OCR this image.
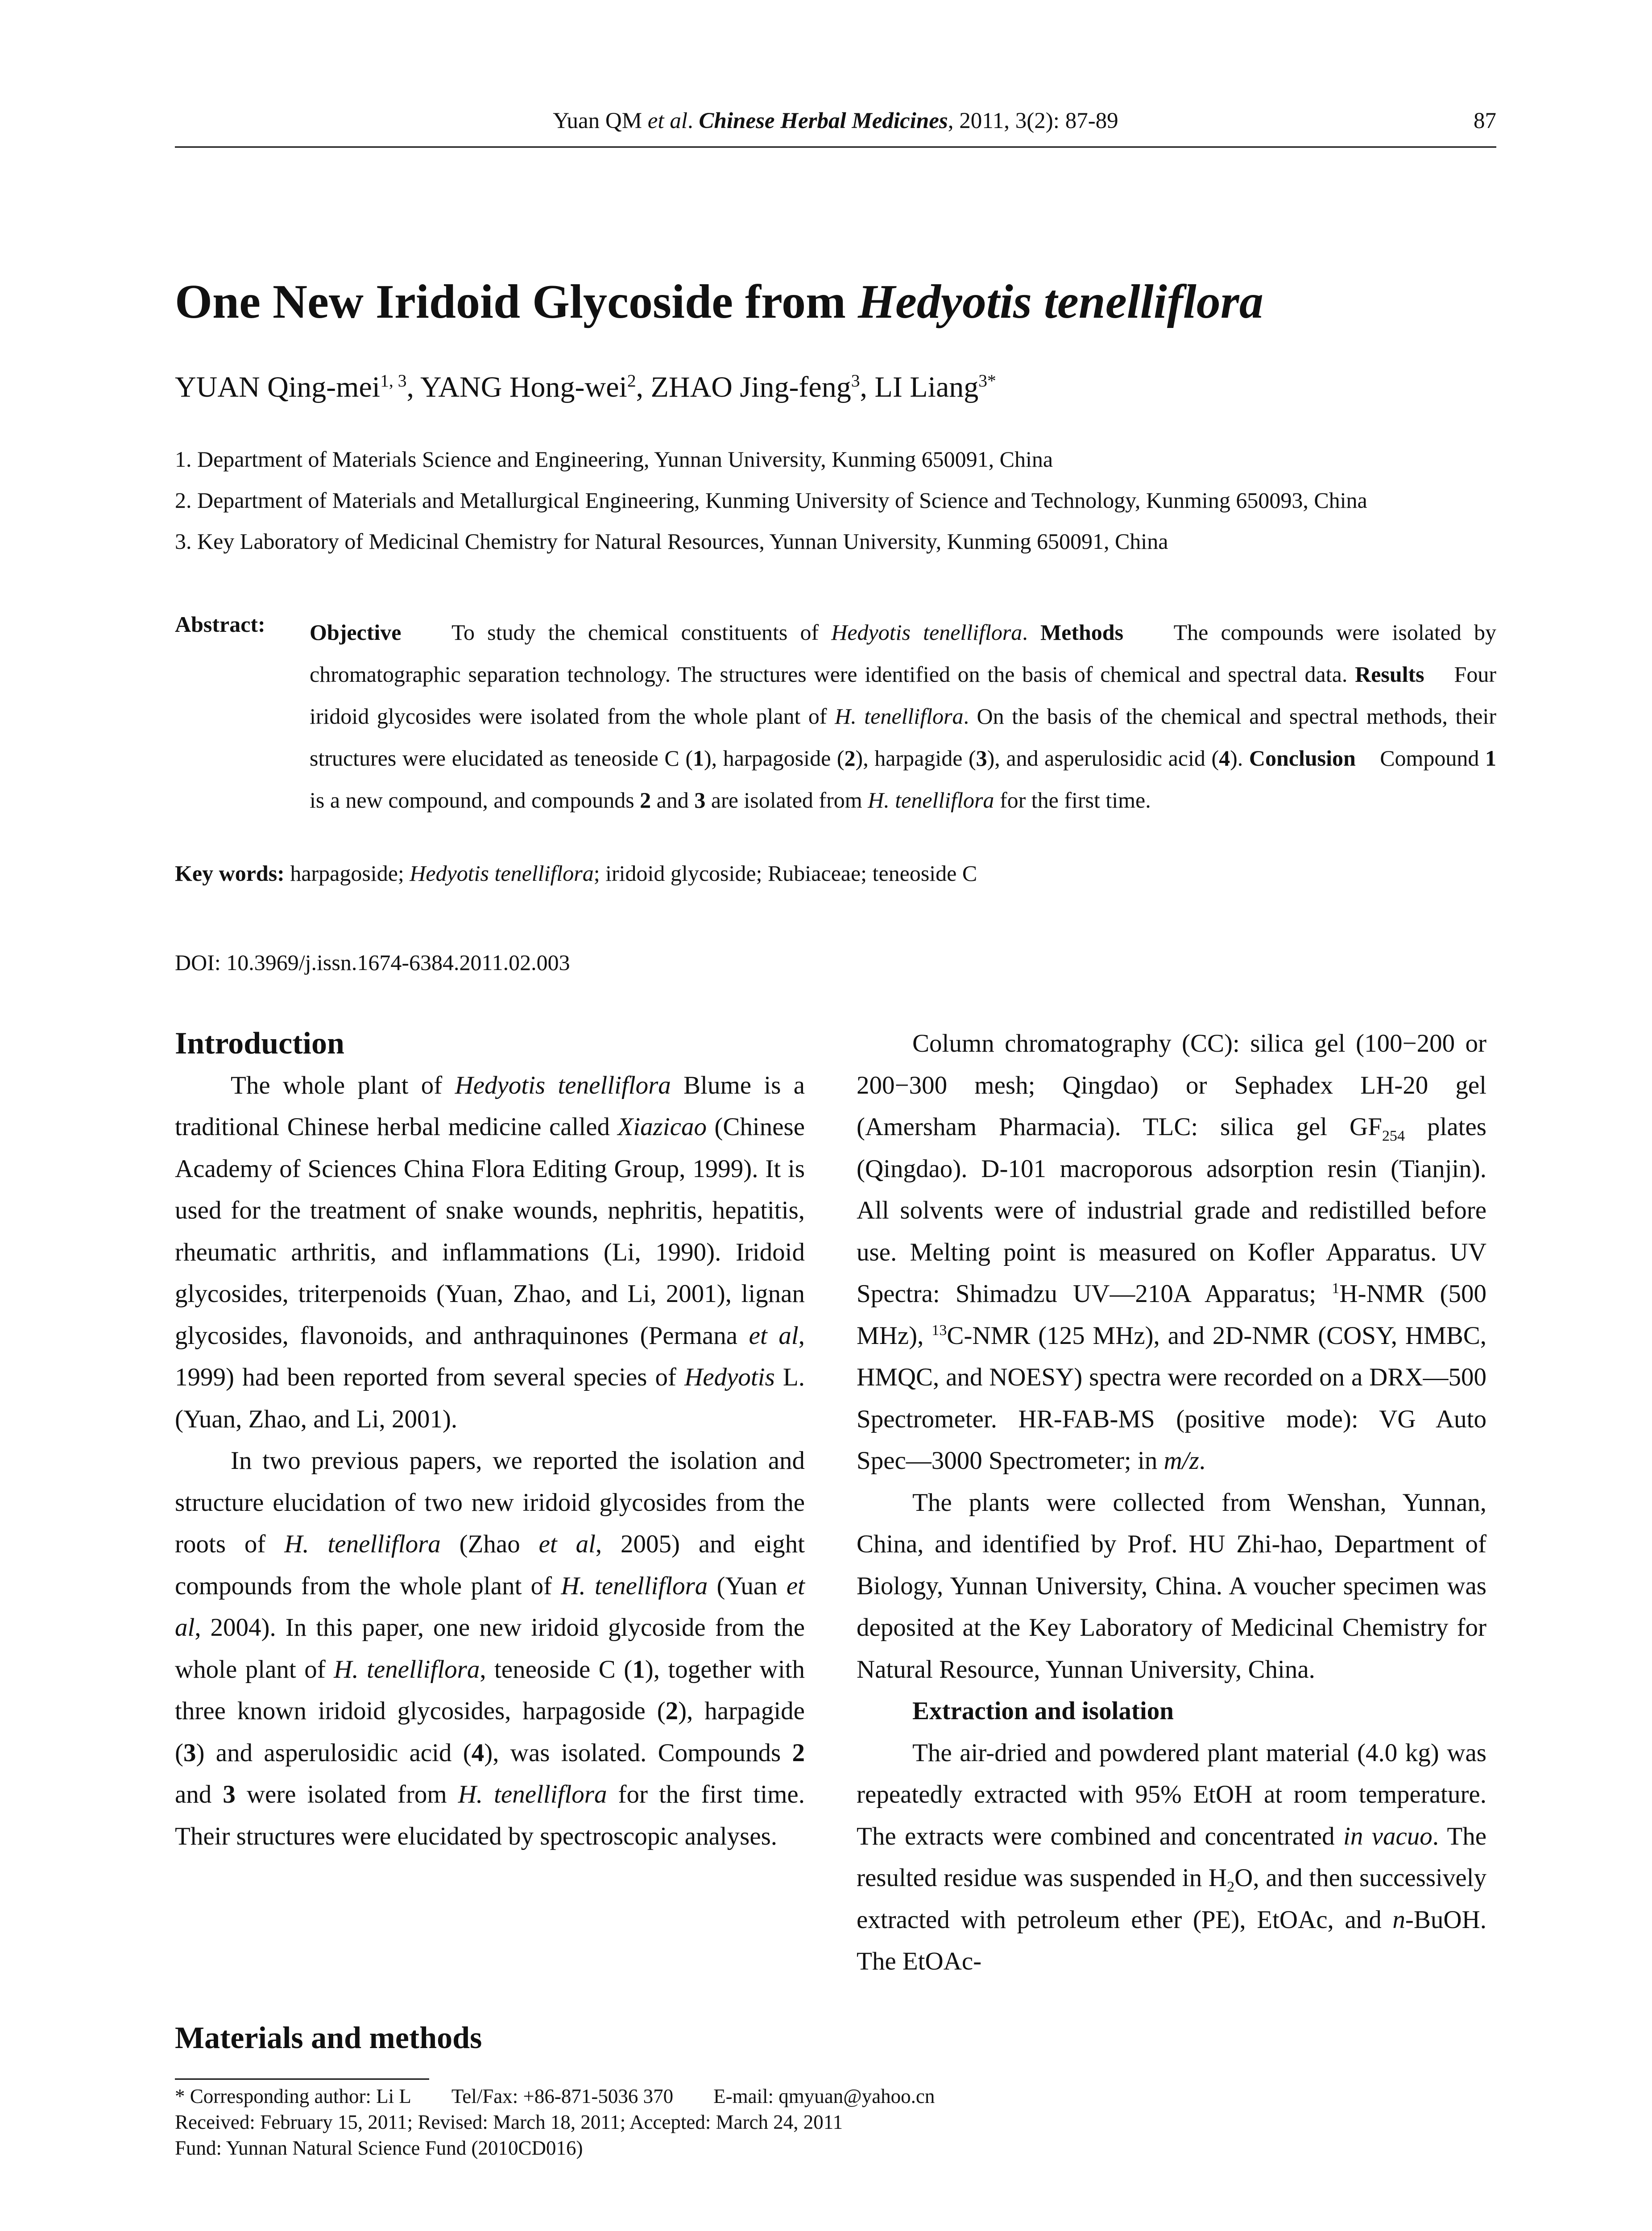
Yuan QM et al. Chinese Herbal Medicines, 2011, 3(2): 87-89	87
One New Iridoid Glycoside from Hedyotis tenelliflora

YUAN Qing-mei$^{1, 3}$, YANG Hong-wei$^2$, ZHAO Jing-feng$^3$, LI Liang$^{3*}$

1. Department of Materials Science and Engineering, Yunnan University, Kunming 650091, China

2. Department of Materials and Metallurgical Engineering, Kunming University of Science and Technology, Kunming 650093, China

3. Key Laboratory of Medicinal Chemistry for Natural Resources, Yunnan University, Kunming 650091, China

Abstract: Objective To study the chemical constituents of Hedyotis tenelliflora. Methods The compounds were isolated by chromatographic separation technology. The structures were identified on the basis of chemical and spectral data. Results Four iridoid glycosides were isolated from the whole plant of H. tenelliflora. On the basis of the chemical and spectral methods, their structures were elucidated as teneoside C (1), harpagoside (2), harpagide (3), and asperulosidic acid (4). Conclusion Compound 1 is a new compound, and compounds 2 and 3 are isolated from H. tenelliflora for the first time.

Key words: harpagoside; Hedyotis tenelliflora; iridoid glycoside; Rubiaceae; teneoside C

DOI: 10.3969/j.issn.1674-6384.2011.02.003

Introduction

The whole plant of Hedyotis tenelliflora Blume is a traditional Chinese herbal medicine called Xiazicao (Chinese Academy of Sciences China Flora Editing Group, 1999). It is used for the treatment of snake wounds, nephritis, hepatitis, rheumatic arthritis, and inflammations (Li, 1990). Iridoid glycosides, triterpenoids (Yuan, Zhao, and Li, 2001), lignan glycosides, flavonoids, and anthraquinones (Permana et al, 1999) had been reported from several species of Hedyotis L. (Yuan, Zhao, and Li, 2001).

In two previous papers, we reported the isolation and structure elucidation of two new iridoid glycosides from the roots of H. tenelliflora (Zhao et al, 2005) and eight compounds from the whole plant of H. tenelliflora (Yuan et al, 2004). In this paper, one new iridoid glycoside from the whole plant of H. tenelliflora, teneoside C (1), together with three known iridoid glycosides, harpagoside (2), harpagide (3) and asperulosidic acid (4), was isolated. Compounds 2 and 3 were isolated from H. tenelliflora for the first time. Their structures were elucidated by spectroscopic analyses.

Materials and methods

Column chromatography (CC): silica gel (100−200 or 200−300 mesh; Qingdao) or Sephadex LH-20 gel (Amersham Pharmacia). TLC: silica gel $GF_{254}$ plates (Qingdao). D-101 macroporous adsorption resin (Tianjin). All solvents were of industrial grade and redistilled before use. Melting point is measured on Kofler Apparatus. UV Spectra: Shimadzu UV―210A Apparatus; $^1$H-NMR (500 MHz), $^{13}$C-NMR (125 MHz), and 2D-NMR (COSY, HMBC, HMQC, and NOESY) spectra were recorded on a DRX―500 Spectrometer. HR-FAB-MS (positive mode): VG Auto Spec―3000 Spectrometer; in m/z.

The plants were collected from Wenshan, Yunnan, China, and identified by Prof. HU Zhi-hao, Department of Biology, Yunnan University, China. A voucher specimen was deposited at the Key Laboratory of Medicinal Chemistry for Natural Resource, Yunnan University, China.

Extraction and isolation

The air-dried and powdered plant material (4.0 kg) was repeatedly extracted with 95% EtOH at room temperature. The extracts were combined and concentrated in vacuo. The resulted residue was suspended in $H_2O$, and then successively extracted with petroleum ether (PE), EtOAc, and n-BuOH. The EtOAc-

* Corresponding author: Li L  Tel/Fax: +86-871-5036 370  E-mail: qmyuan@yahoo.cn

Received: February 15, 2011; Revised: March 18, 2011; Accepted: March 24, 2011

Fund: Yunnan Natural Science Fund (2010CD016)
